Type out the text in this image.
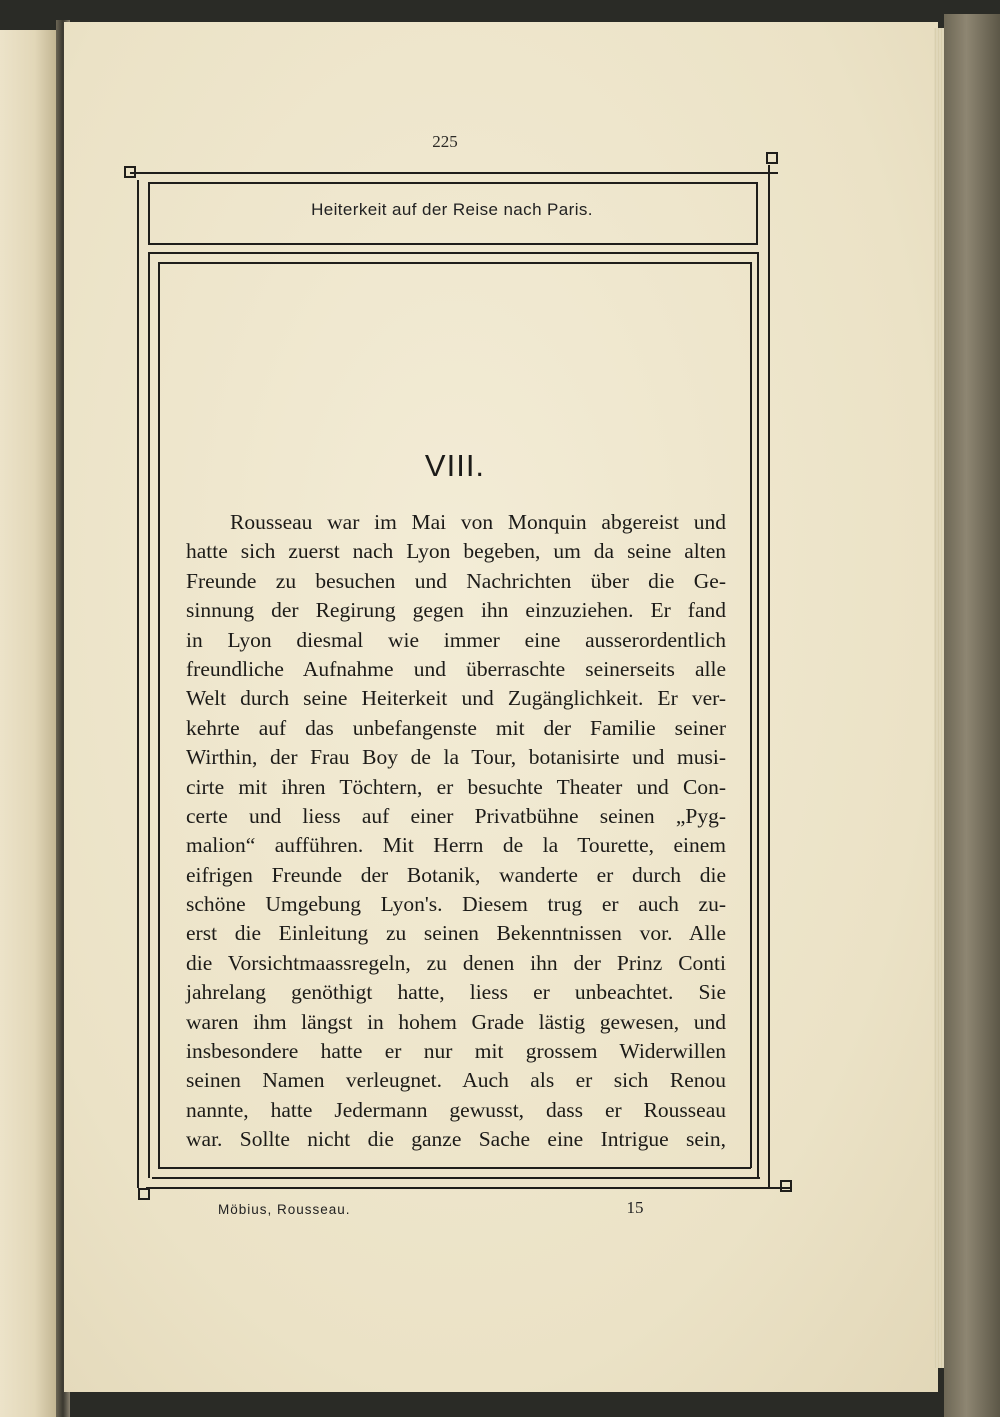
225
Heiterkeit auf der Reise nach Paris.
VIII.
Rousseau war im Mai von Monquin abgereist und
hatte sich zuerst nach Lyon begeben, um da seine alten
Freunde zu besuchen und Nachrichten über die Ge-
sinnung der Regirung gegen ihn einzuziehen. Er fand
in Lyon diesmal wie immer eine ausserordentlich
freundliche Aufnahme und überraschte seinerseits alle
Welt durch seine Heiterkeit und Zugänglichkeit. Er ver-
kehrte auf das unbefangenste mit der Familie seiner
Wirthin, der Frau Boy de la Tour, botanisirte und musi-
cirte mit ihren Töchtern, er besuchte Theater und Con-
certe und liess auf einer Privatbühne seinen „Pyg-
malion“ aufführen. Mit Herrn de la Tourette, einem
eifrigen Freunde der Botanik, wanderte er durch die
schöne Umgebung Lyon's. Diesem trug er auch zu-
erst die Einleitung zu seinen Bekenntnissen vor. Alle
die Vorsichtmaassregeln, zu denen ihn der Prinz Conti
jahrelang genöthigt hatte, liess er unbeachtet. Sie
waren ihm längst in hohem Grade lästig gewesen, und
insbesondere hatte er nur mit grossem Widerwillen
seinen Namen verleugnet. Auch als er sich Renou
nannte, hatte Jedermann gewusst, dass er Rousseau
war. Sollte nicht die ganze Sache eine Intrigue sein,
Möbius, Rousseau.	15
